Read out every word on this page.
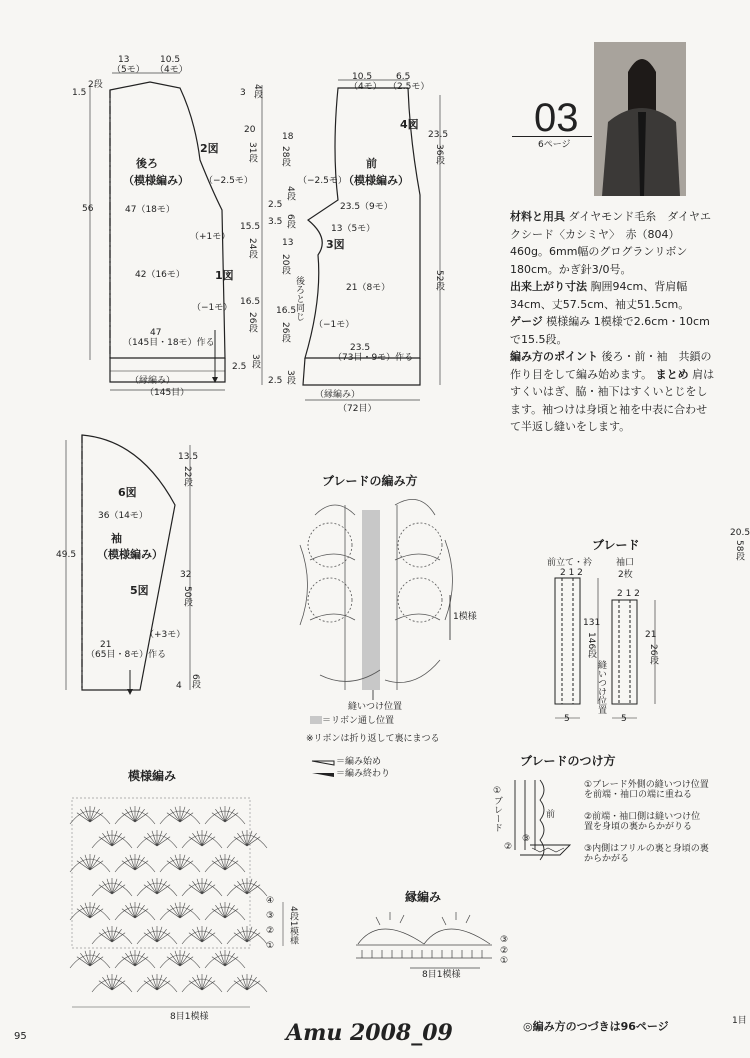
13
（5モ）
10.5
（4モ）
1.5
2段
後ろ
（模様編み）
2図
（−2.5モ）
56	47（18モ）
（+1モ）
1図
42（16モ）
（−1モ）
47
（145目・18モ）作る
（縁編み）
（145目）
3 4段
20
31段
15.5
24段
16.5
26段
2.5 3段
10.5
（4モ）
6.5
（2.5モ）
4図
前
（模様編み）
（−2.5モ）
23.5（9モ）
13（5モ）
3図
21（8モ）
後ろと同じ
（−1モ）
23.5
（73目・9モ）作る
（縁編み）
（72目）
23.5
36段
52段
18
28段
4段
2.5
3.5 6段
13
20段
16.5
26段
2.5 3段
03
6ページ
材料と用具 ダイヤモンド毛糸　ダイヤエクシード〈カシミヤ〉　赤（804）460g。6mm幅のグログランリボン180cm。かぎ針3/0号。
出来上がり寸法 胸囲94cm、背肩幅34cm、丈57.5cm、袖丈51.5cm。
ゲージ 模様編み 1模様で2.6cm・10cmで15.5段。
編み方のポイント 後ろ・前・袖　共鎖の作り目をして編み始めます。 まとめ 肩はすくいはぎ、脇・袖下はすくいとじをします。袖つけは身頃と袖を中表に合わせて半返し縫いをします。
6図
36（14モ）
袖
（模様編み）
5図
（+3モ）
49.5
21
（65目・8モ）作る
13.5
22段
32
50段
4 6段
ブレードの編み方
1模様
縫いつけ位置
＝リボン通し位置
※リボンは折り返して裏にまつる
＝編み始め
＝編み終わり
ブレード
前立て・衿
2 1 2
袖口
2枚
2 1 2
131
146段	21
26段
縫いつけ位置
5	5
ブレードのつけ方
①ブレード	前
②
③
①ブレード外側の縫いつけ位置を前端・袖口の端に重ねる
②前端・袖口側は縫いつけ位置を身頃の裏からかがりる
③内側はフリルの裏と身頃の裏からかがる
模様編み
④
③
②
①
4段1模様
8目1模様
縁編み
③
②
①
8目1模様
◎編み方のつづきは96ページ
95	Amu 2008_09
20.5
58段
1目
